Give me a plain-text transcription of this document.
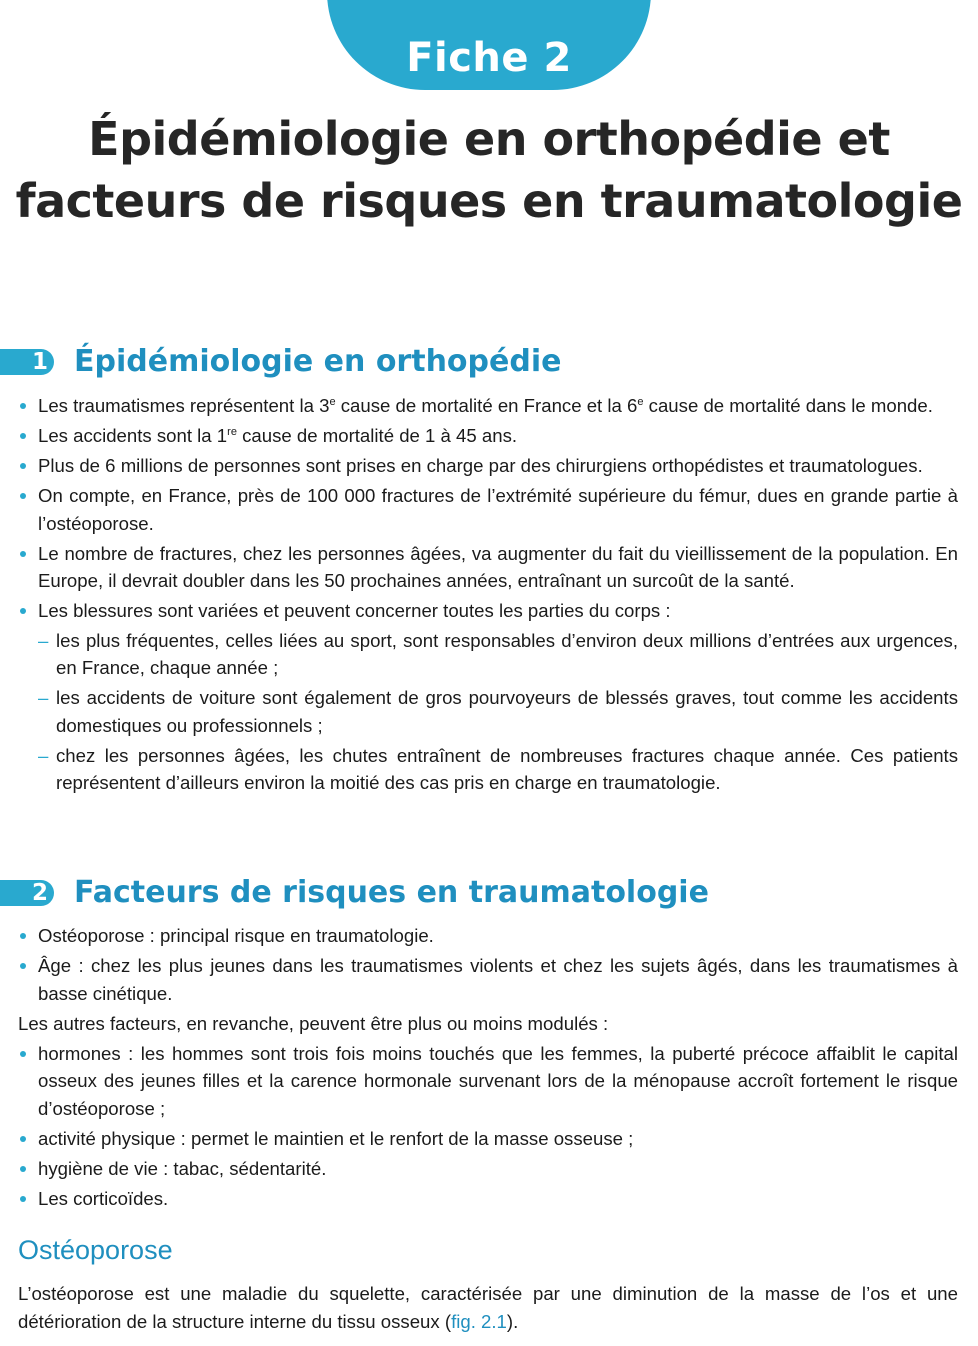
Fiche 2
Épidémiologie en orthopédie et
facteurs de risques en traumatologie
1 Épidémiologie en orthopédie
Les traumatismes représentent la 3e cause de mortalité en France et la 6e cause de mortalité dans le monde.
Les accidents sont la 1re cause de mortalité de 1 à 45 ans.
Plus de 6 millions de personnes sont prises en charge par des chirurgiens orthopédistes et traumatologues.
On compte, en France, près de 100 000 fractures de l’extrémité supérieure du fémur, dues en grande partie à l’ostéoporose.
Le nombre de fractures, chez les personnes âgées, va augmenter du fait du vieillissement de la population. En Europe, il devrait doubler dans les 50 prochaines années, entraînant un surcoût de la santé.
Les blessures sont variées et peuvent concerner toutes les parties du corps :
– les plus fréquentes, celles liées au sport, sont responsables d’environ deux millions d’entrées aux urgences, en France, chaque année ;
– les accidents de voiture sont également de gros pourvoyeurs de blessés graves, tout comme les accidents domestiques ou professionnels ;
– chez les personnes âgées, les chutes entraînent de nombreuses fractures chaque année. Ces patients représentent d’ailleurs environ la moitié des cas pris en charge en traumatologie.
2 Facteurs de risques en traumatologie
Ostéoporose : principal risque en traumatologie.
Âge : chez les plus jeunes dans les traumatismes violents et chez les sujets âgés, dans les traumatismes à basse cinétique.

Les autres facteurs, en revanche, peuvent être plus ou moins modulés :

hormones : les hommes sont trois fois moins touchés que les femmes, la puberté précoce affaiblit le capital osseux des jeunes filles et la carence hormonale survenant lors de la ménopause accroît fortement le risque d’ostéoporose ;
activité physique : permet le maintien et le renfort de la masse osseuse ;
hygiène de vie : tabac, sédentarité.
Les corticoïdes.
Ostéoporose

L’ostéoporose est une maladie du squelette, caractérisée par une diminution de la masse de l’os et une détérioration de la structure interne du tissu osseux (fig. 2.1).
